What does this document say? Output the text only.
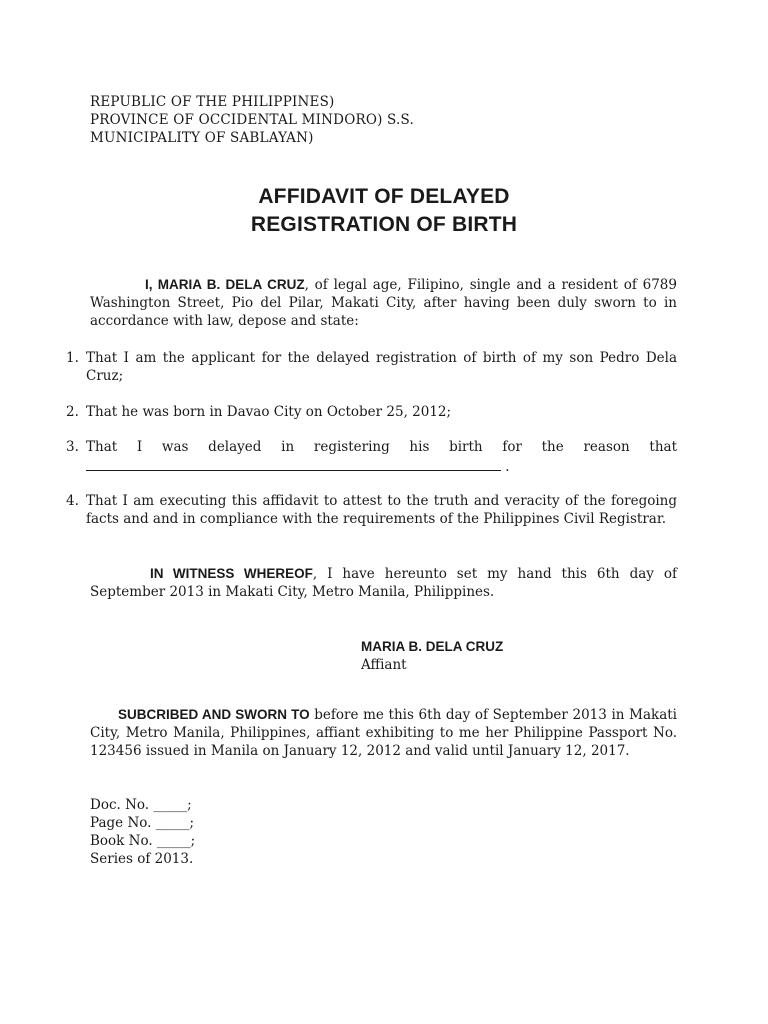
REPUBLIC OF THE PHILIPPINES)
PROVINCE OF OCCIDENTAL MINDORO) S.S.
MUNICIPALITY OF SABLAYAN)
AFFIDAVIT OF DELAYED
REGISTRATION OF BIRTH
I, MARIA B. DELA CRUZ, of legal age, Filipino, single and a resident of 6789 Washington Street, Pio del Pilar, Makati City, after having been duly sworn to in accordance with law, depose and state:
1. That I am the applicant for the delayed registration of birth of my son Pedro Dela Cruz;
2. That he was born in Davao City on October 25, 2012;
3. That I was delayed in registering his birth for the reason that
.
4. That I am executing this affidavit to attest to the truth and veracity of the foregoing facts and and in compliance with the requirements of the Philippines Civil Registrar.
IN WITNESS WHEREOF, I have hereunto set my hand this 6th day of September 2013 in Makati City, Metro Manila, Philippines.
MARIA B. DELA CRUZ
Affiant
SUBCRIBED AND SWORN TO before me this 6th day of September 2013 in Makati City, Metro Manila, Philippines, affiant exhibiting to me her Philippine Passport No. 123456 issued in Manila on January 12, 2012 and valid until January 12, 2017.
Doc. No. _____;
Page No. _____;
Book No. _____;
Series of 2013.
